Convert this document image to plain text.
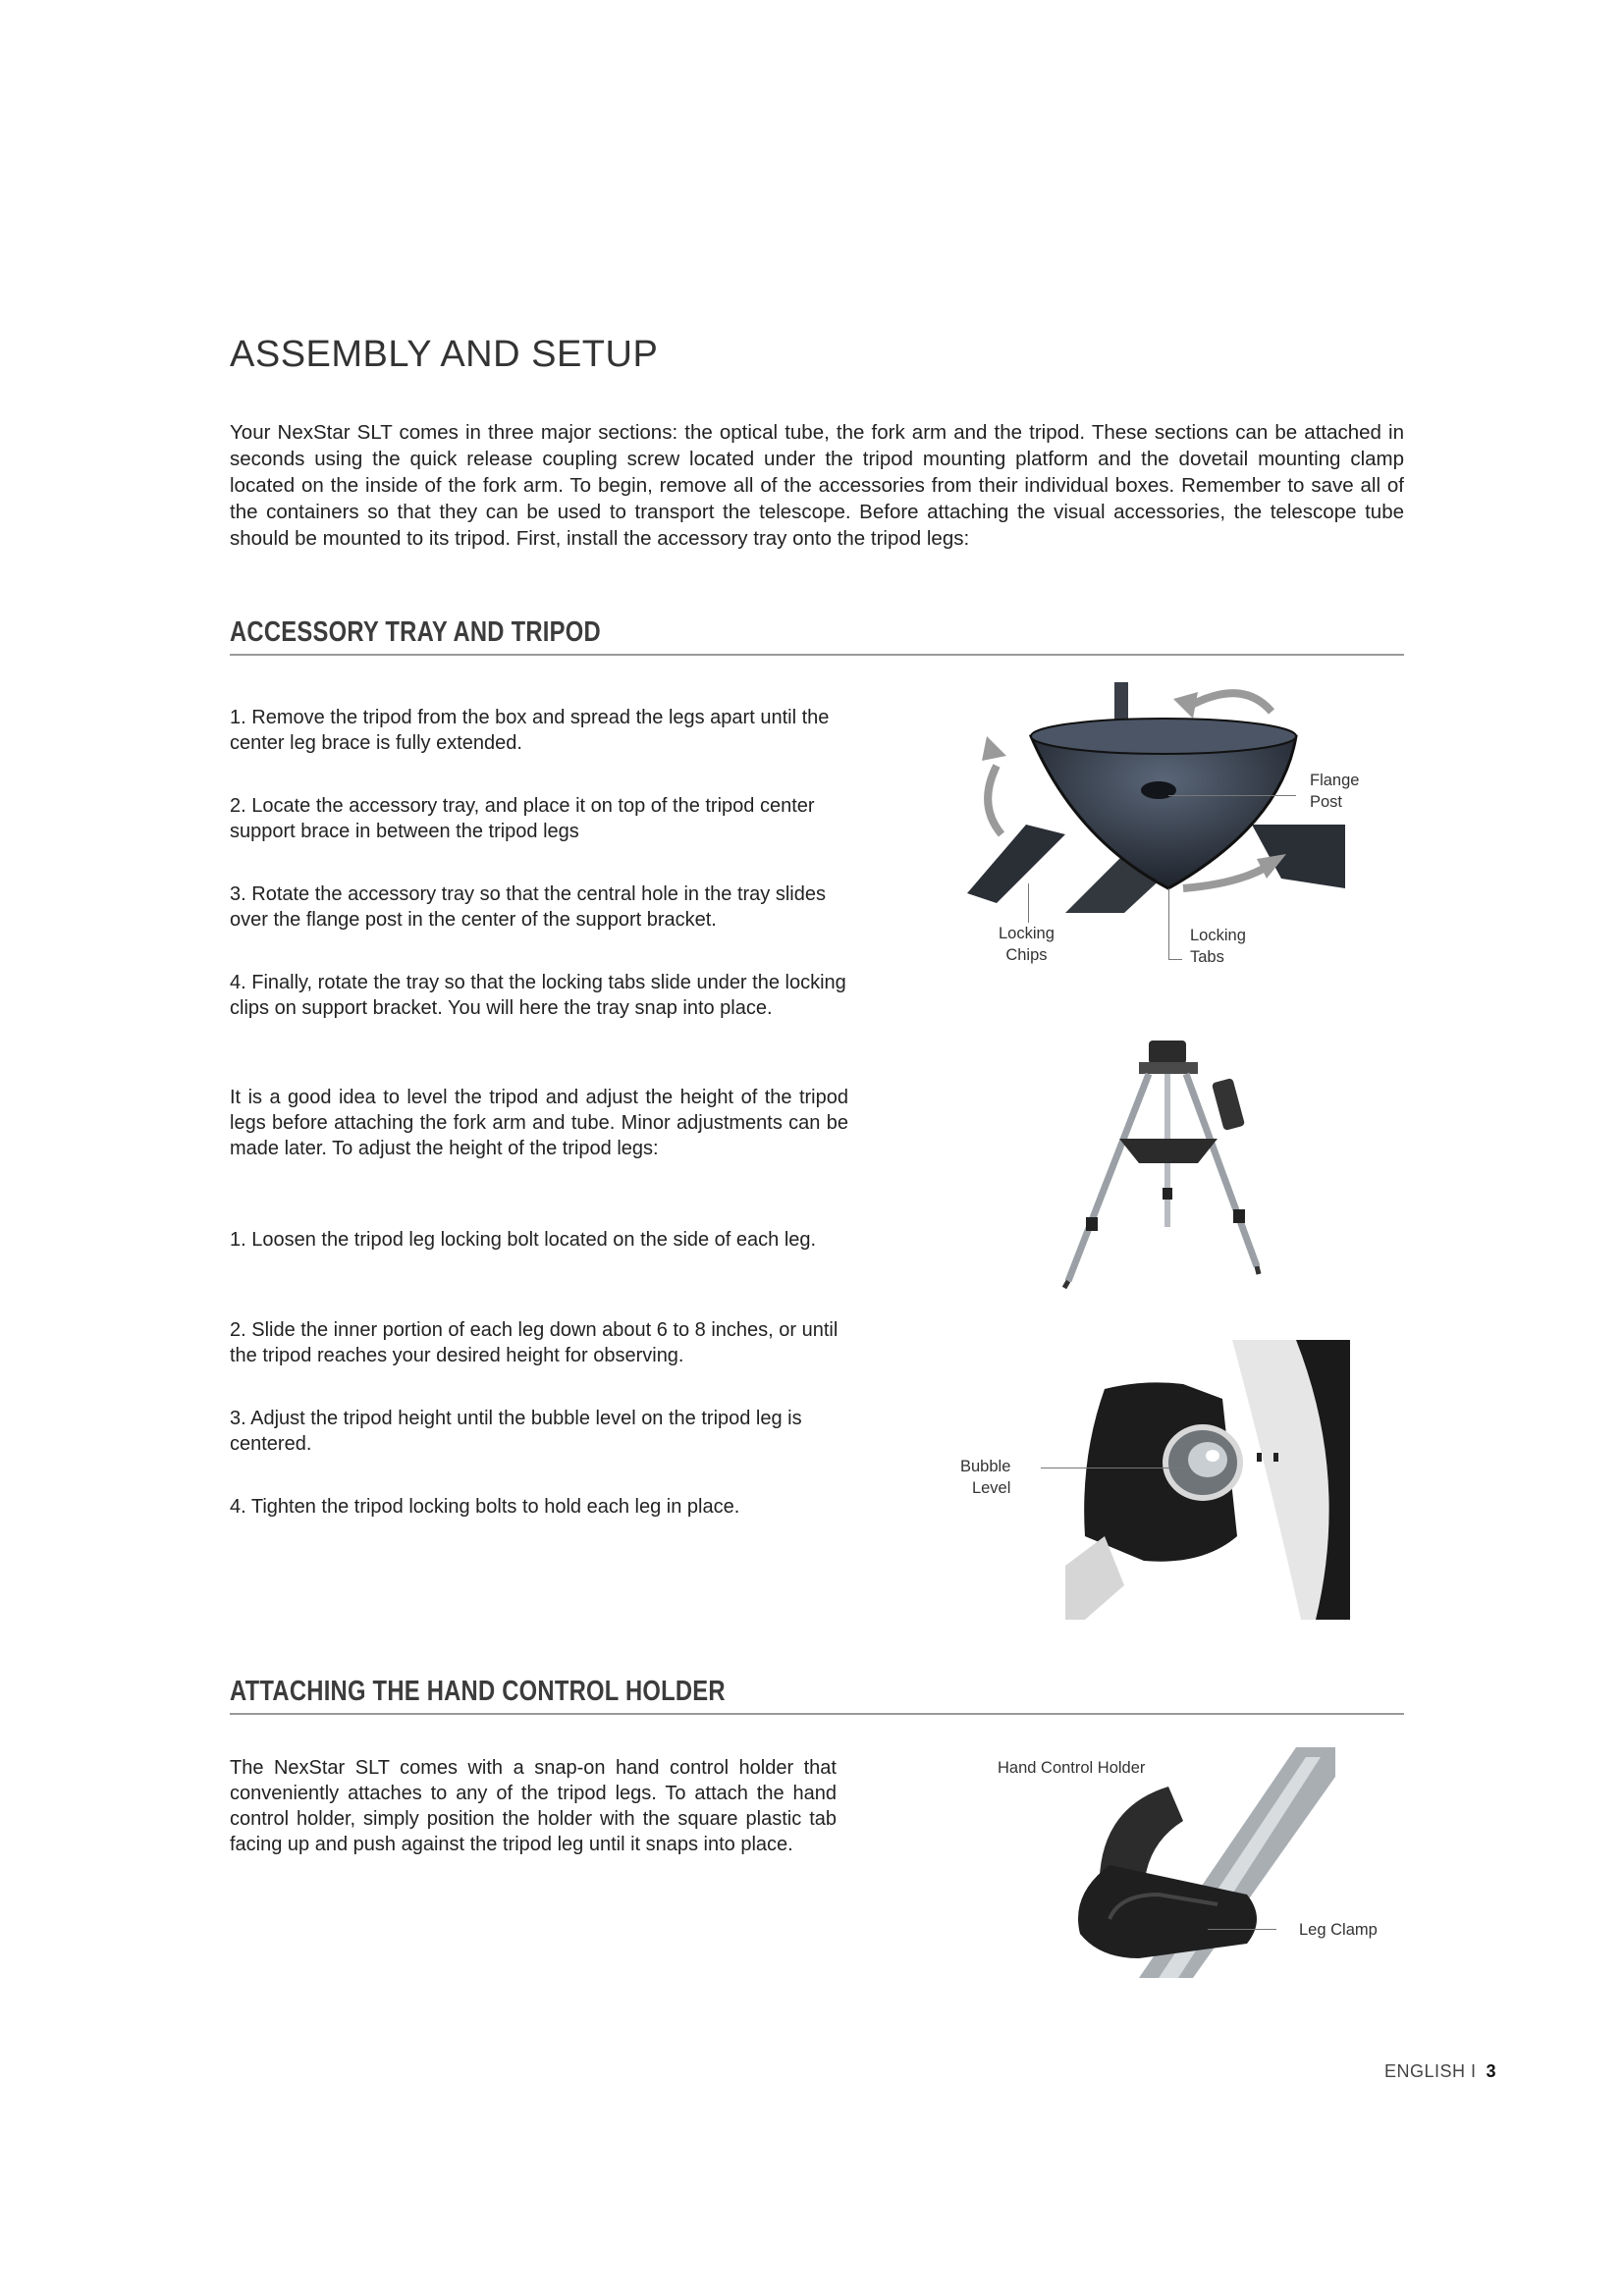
ASSEMBLY AND SETUP

Your NexStar SLT comes in three major sections: the optical tube, the fork arm and the tripod. These sections can be attached in seconds using the quick release coupling screw located under the tripod mounting platform and the dovetail mounting clamp located on the inside of the fork arm. To begin, remove all of the accessories from their individual boxes. Remember to save all of the containers so that they can be used to transport the telescope. Before attaching the visual accessories, the telescope tube should be mounted to its tripod. First, install the accessory tray onto the tripod legs:

ACCESSORY TRAY AND TRIPOD

1. Remove the tripod from the box and spread the legs apart until the center leg brace is fully extended.

2. Locate the accessory tray, and place it on top of the tripod center support brace in between the tripod legs

3. Rotate the accessory tray so that the central hole in the tray slides over the flange post in the center of the support bracket.

4. Finally, rotate the tray so that the locking tabs slide under the locking clips on support bracket. You will here the tray snap into place.

It is a good idea to level the tripod and adjust the height of the tripod legs before attaching the fork arm and tube. Minor adjustments can be made later. To adjust the height of the tripod legs:

1. Loosen the tripod leg locking bolt located on the side of each leg.

2. Slide the inner portion of each leg down about 6 to 8 inches, or until the tripod reaches your desired height for observing.

3. Adjust the tripod height until the bubble level on the tripod leg is centered.

4. Tighten the tripod locking bolts to hold each leg in place.

Flange
Post
Locking
Chips
Locking
Tabs
Bubble
Level
ATTACHING THE HAND CONTROL HOLDER

The NexStar SLT comes with a snap-on hand control holder that conveniently attaches to any of the tripod legs. To attach the hand control holder, simply position the holder with the square plastic tab facing up and push against the tripod leg until it snaps into place.

Hand Control Holder
Leg Clamp
ENGLISH I 3
